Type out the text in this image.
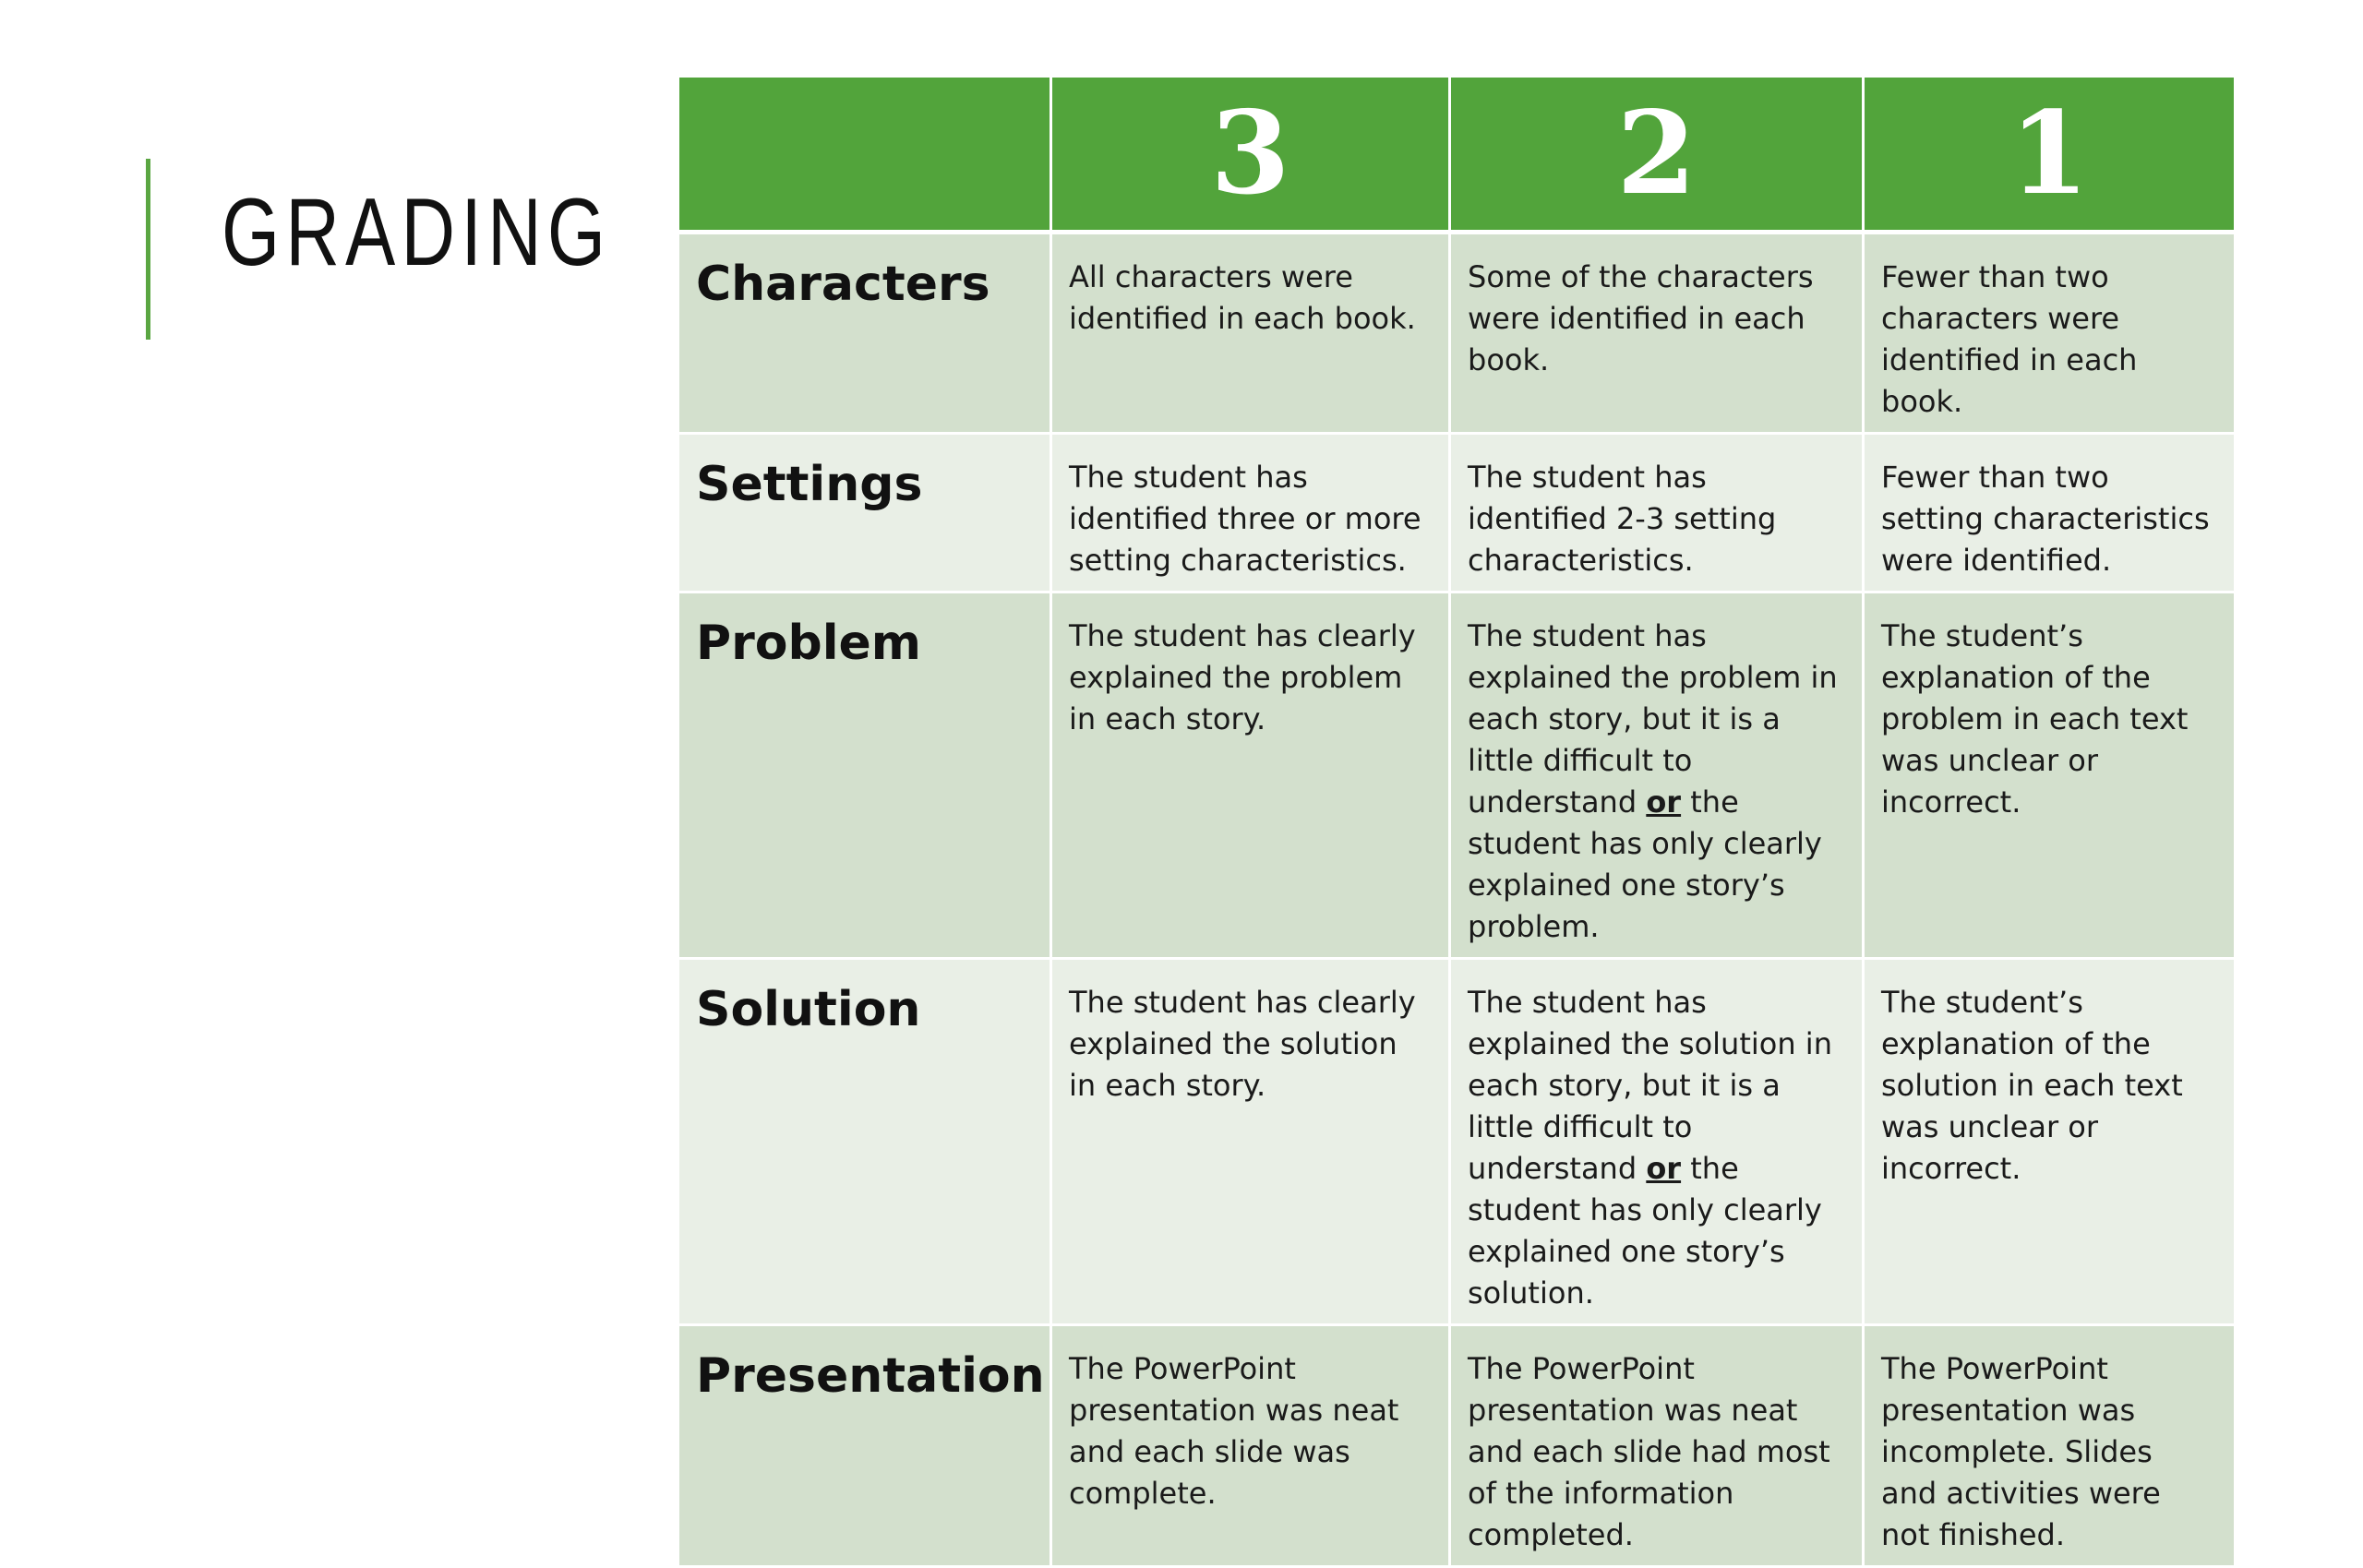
GRADING
	3	2	1
Characters	All characters were identified in each book.	Some of the characters were identified in each book.	Fewer than two characters were identified in each book.
Settings	The student has identified three or more setting characteristics.	The student has identified 2-3 setting characteristics.	Fewer than two setting characteristics were identified.
Problem	The student has clearly explained the problem in each story.	The student has explained the problem in each story, but it is a little difficult to understand or the student has only clearly explained one story’s problem.	The student’s explanation of the problem in each text was unclear or incorrect.
Solution	The student has clearly explained the solution in each story.	The student has explained the solution in each story, but it is a little difficult to understand or the student has only clearly explained one story’s solution.	The student’s explanation of the solution in each text was unclear or incorrect.
Presentation	The PowerPoint presentation was neat and each slide was complete.	The PowerPoint presentation was neat and each slide had most of the information completed.	The PowerPoint presentation was incomplete. Slides and activities were not finished.
